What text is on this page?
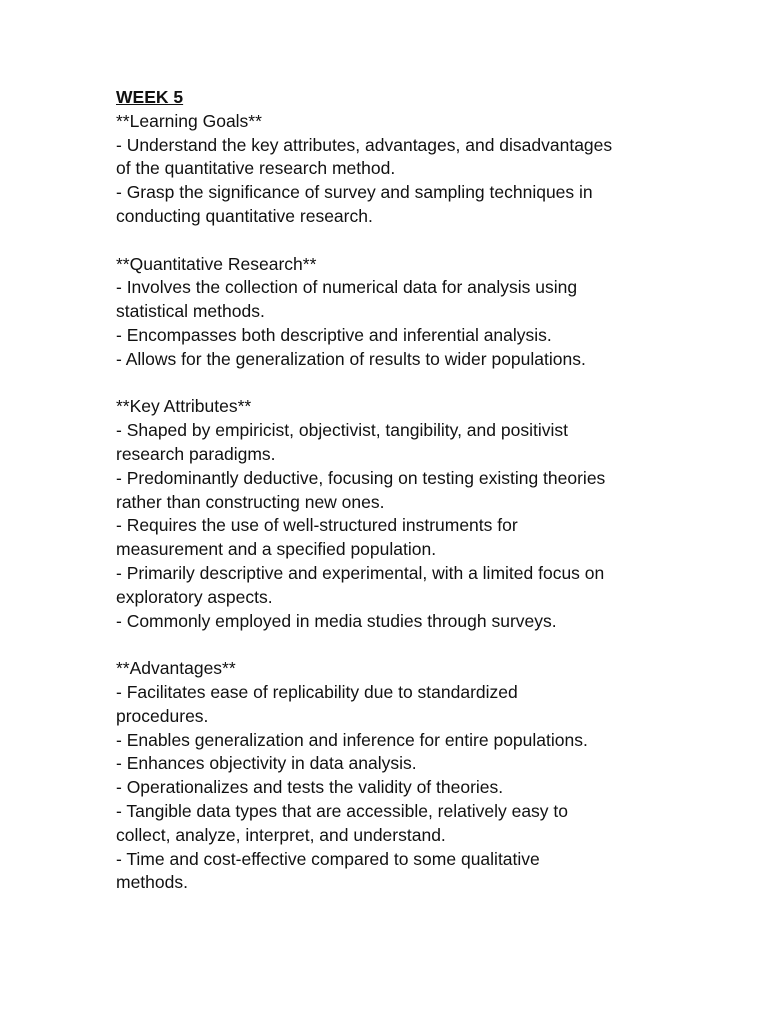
WEEK 5
**Learning Goals**
- Understand the key attributes, advantages, and disadvantages
of the quantitative research method.
- Grasp the significance of survey and sampling techniques in
conducting quantitative research.
**Quantitative Research**
- Involves the collection of numerical data for analysis using
statistical methods.
- Encompasses both descriptive and inferential analysis.
- Allows for the generalization of results to wider populations.
**Key Attributes**
- Shaped by empiricist, objectivist, tangibility, and positivist
research paradigms.
- Predominantly deductive, focusing on testing existing theories
rather than constructing new ones.
- Requires the use of well-structured instruments for
measurement and a specified population.
- Primarily descriptive and experimental, with a limited focus on
exploratory aspects.
- Commonly employed in media studies through surveys.
**Advantages**
- Facilitates ease of replicability due to standardized
procedures.
- Enables generalization and inference for entire populations.
- Enhances objectivity in data analysis.
- Operationalizes and tests the validity of theories.
- Tangible data types that are accessible, relatively easy to
collect, analyze, interpret, and understand.
- Time and cost-effective compared to some qualitative
methods.
